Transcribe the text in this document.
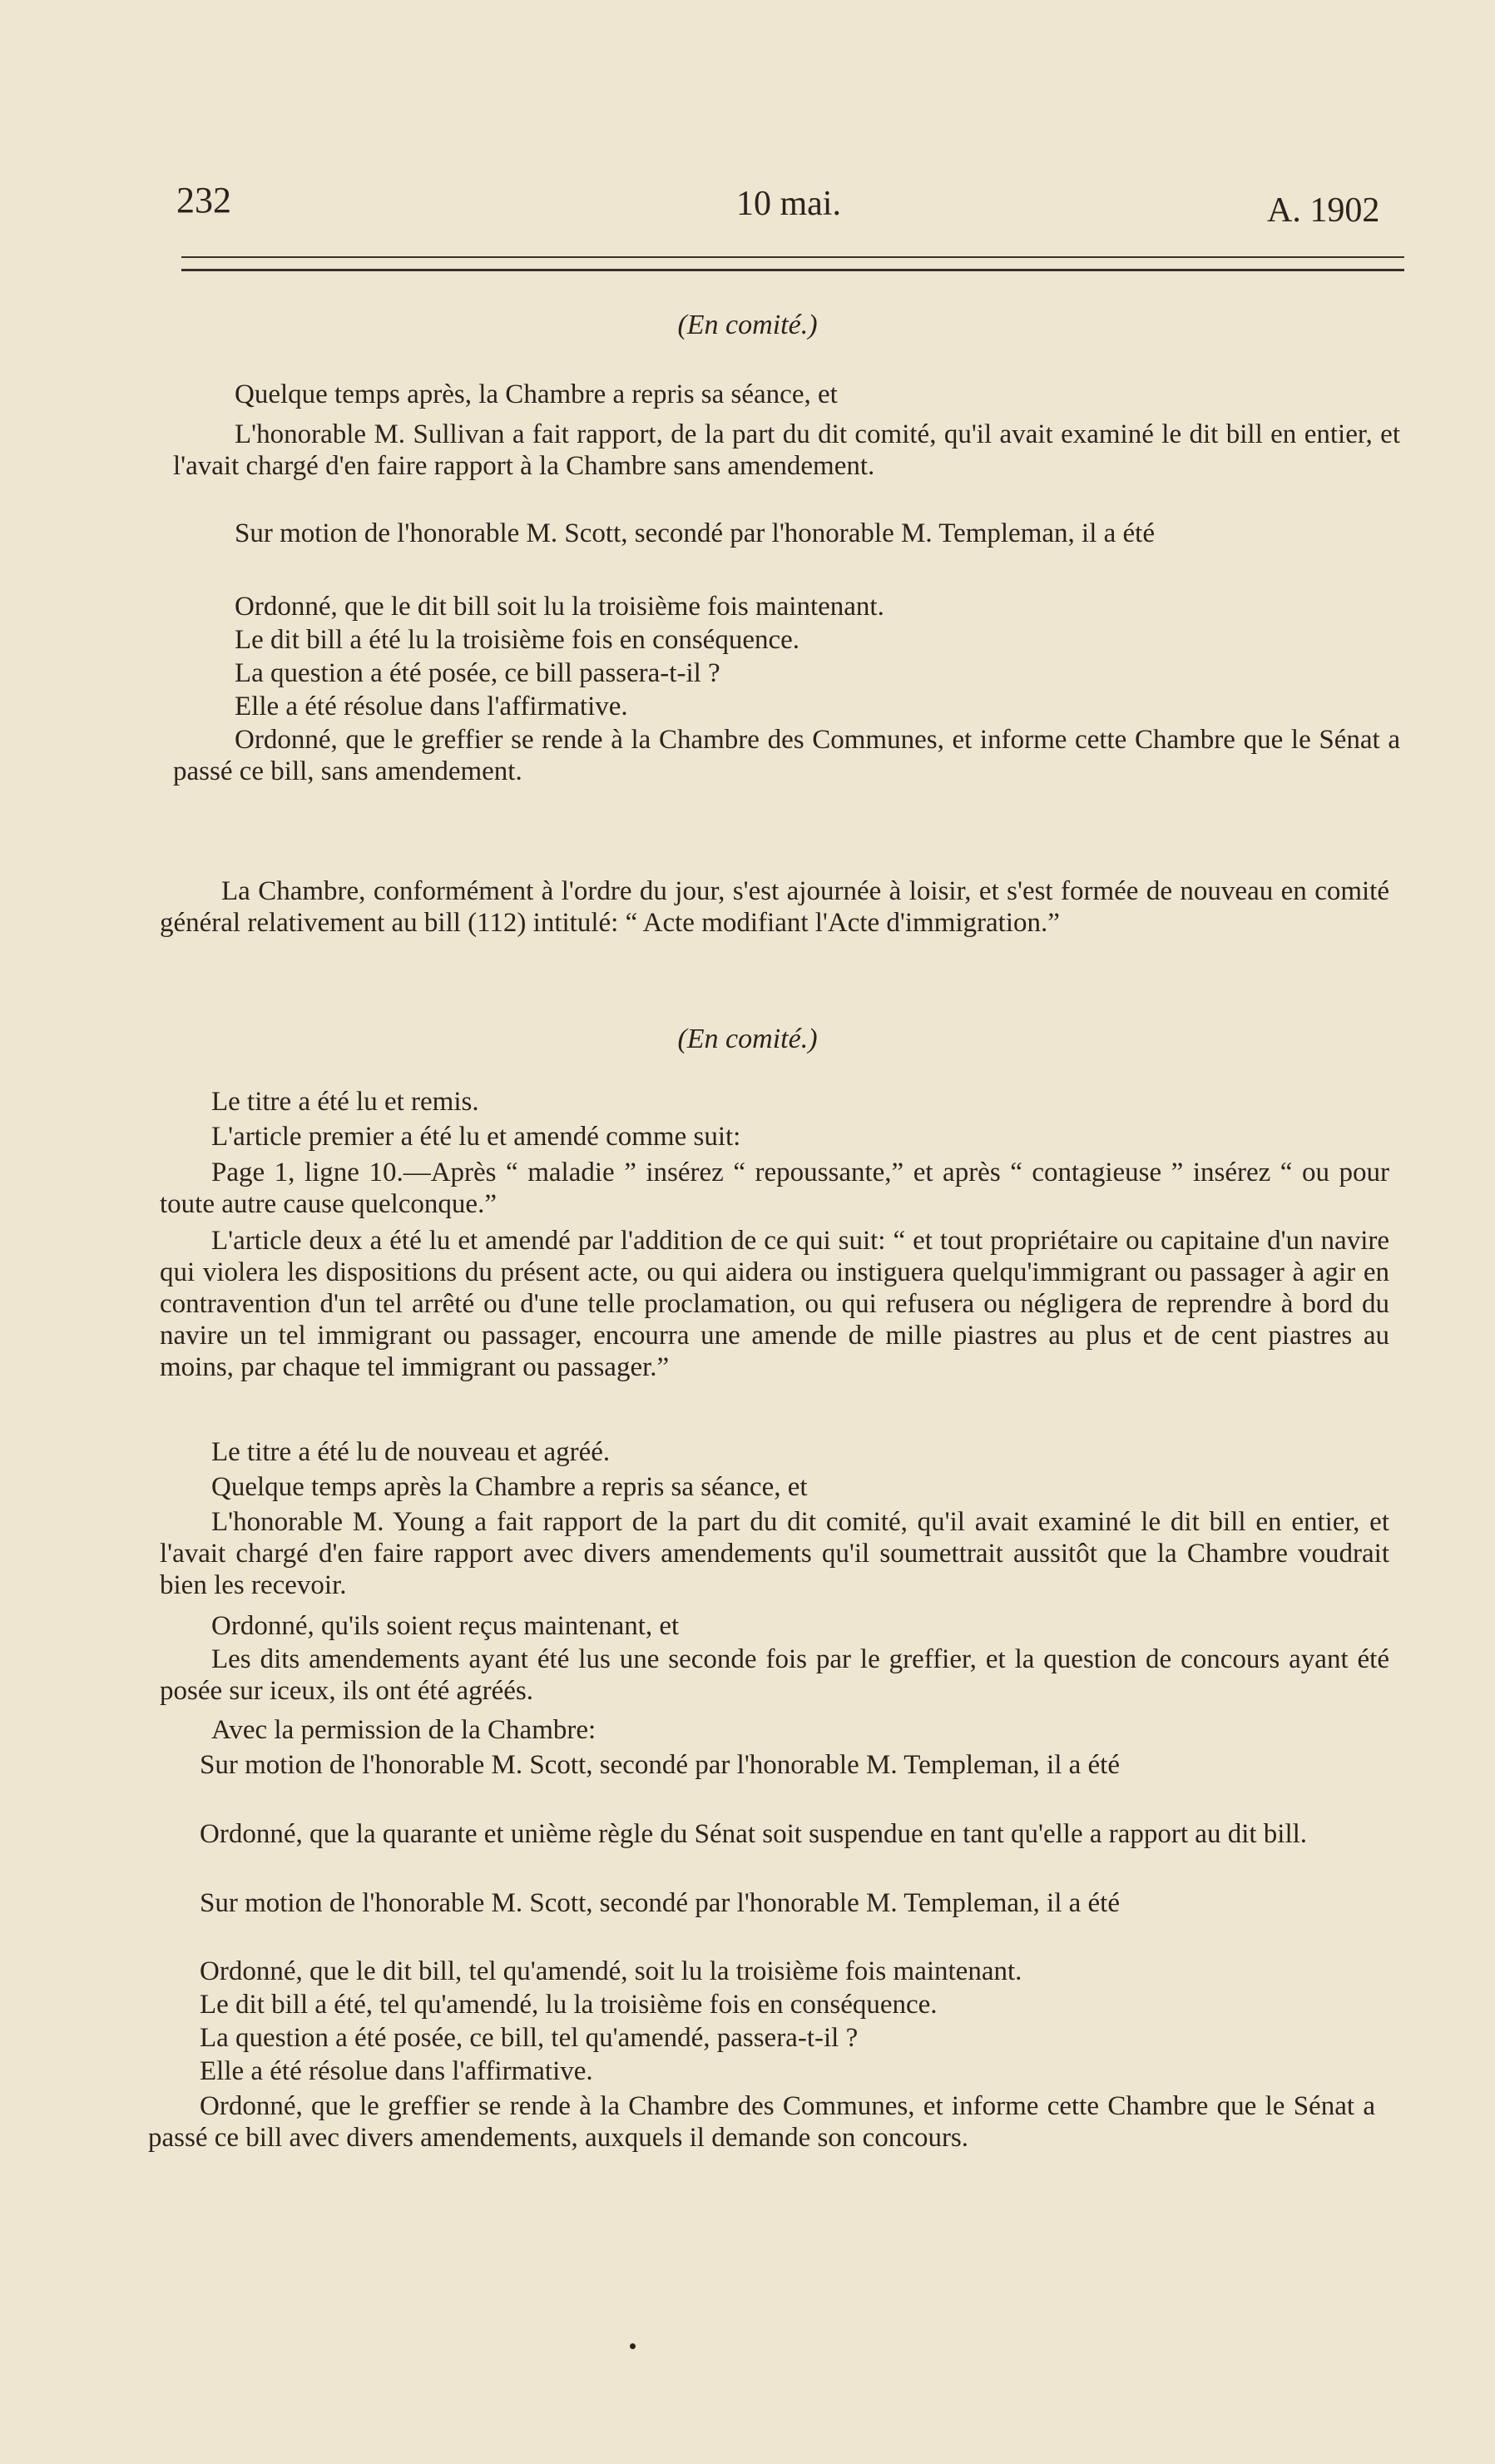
232	10 mai.	A. 1902
(En comité.)
Quelque temps après, la Chambre a repris sa séance, et
L'honorable M. Sullivan a fait rapport, de la part du dit comité, qu'il avait examiné le dit bill en entier, et l'avait chargé d'en faire rapport à la Chambre sans amendement.
Sur motion de l'honorable M. Scott, secondé par l'honorable M. Templeman, il a été
Ordonné, que le dit bill soit lu la troisième fois maintenant.
Le dit bill a été lu la troisième fois en conséquence.
La question a été posée, ce bill passera-t-il ?
Elle a été résolue dans l'affirmative.
Ordonné, que le greffier se rende à la Chambre des Communes, et informe cette Chambre que le Sénat a passé ce bill, sans amendement.
La Chambre, conformément à l'ordre du jour, s'est ajournée à loisir, et s'est formée de nouveau en comité général relativement au bill (112) intitulé: “ Acte modifiant l'Acte d'immigration.”
(En comité.)
Le titre a été lu et remis.
L'article premier a été lu et amendé comme suit:
Page 1, ligne 10.—Après “ maladie ” insérez “ repoussante,” et après “ contagieuse ” insérez “ ou pour toute autre cause quelconque.”
L'article deux a été lu et amendé par l'addition de ce qui suit: “ et tout propriétaire ou capitaine d'un navire qui violera les dispositions du présent acte, ou qui aidera ou instiguera quelqu'immigrant ou passager à agir en contravention d'un tel arrêté ou d'une telle proclamation, ou qui refusera ou négligera de reprendre à bord du navire un tel immigrant ou passager, encourra une amende de mille piastres au plus et de cent piastres au moins, par chaque tel immigrant ou passager.”
Le titre a été lu de nouveau et agréé.
Quelque temps après la Chambre a repris sa séance, et
L'honorable M. Young a fait rapport de la part du dit comité, qu'il avait examiné le dit bill en entier, et l'avait chargé d'en faire rapport avec divers amendements qu'il soumettrait aussitôt que la Chambre voudrait bien les recevoir.
Ordonné, qu'ils soient reçus maintenant, et
Les dits amendements ayant été lus une seconde fois par le greffier, et la question de concours ayant été posée sur iceux, ils ont été agréés.
Avec la permission de la Chambre:
Sur motion de l'honorable M. Scott, secondé par l'honorable M. Templeman, il a été
Ordonné, que la quarante et unième règle du Sénat soit suspendue en tant qu'elle a rapport au dit bill.
Sur motion de l'honorable M. Scott, secondé par l'honorable M. Templeman, il a été
Ordonné, que le dit bill, tel qu'amendé, soit lu la troisième fois maintenant.
Le dit bill a été, tel qu'amendé, lu la troisième fois en conséquence.
La question a été posée, ce bill, tel qu'amendé, passera-t-il ?
Elle a été résolue dans l'affirmative.
Ordonné, que le greffier se rende à la Chambre des Communes, et informe cette Chambre que le Sénat a passé ce bill avec divers amendements, auxquels il demande son concours.
